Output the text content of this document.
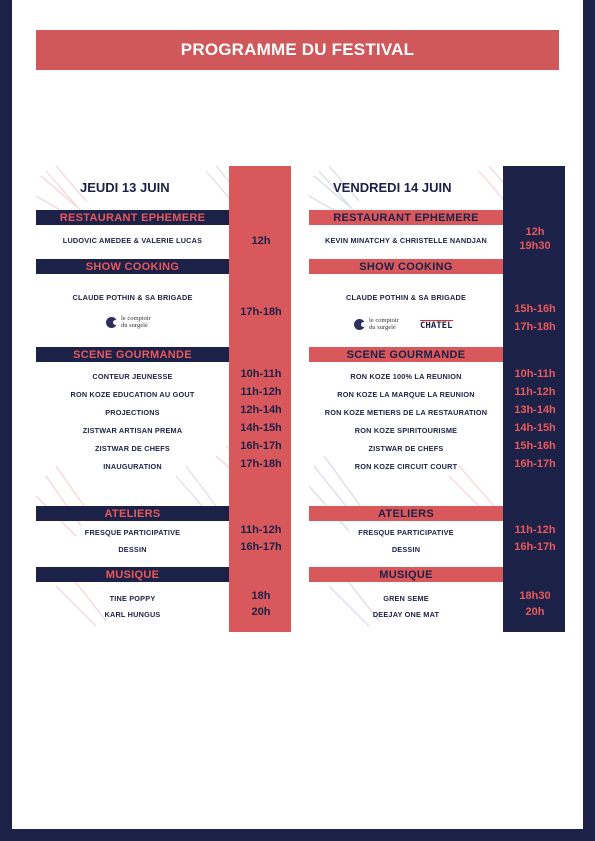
PROGRAMME DU FESTIVAL
JEUDI 13 JUIN
RESTAURANT EPHEMERE
LUDOVIC AMEDEE & VALERIE LUCAS	12h
SHOW COOKING
CLAUDE POTHIN & SA BRIGADE
le comptoir
du surgelé
17h-18h
SCENE GOURMANDE
CONTEUR JEUNESSE
RON KOZE EDUCATION AU GOUT
PROJECTIONS
ZISTWAR ARTISAN PREMA
ZISTWAR DE CHEFS
INAUGURATION
10h-11h
11h-12h
12h-14h
14h-15h
16h-17h
17h-18h
ATELIERS
FRESQUE PARTICIPATIVE
DESSIN
11h-12h
16h-17h
MUSIQUE
TINE POPPY
KARL HUNGUS
18h
20h
VENDREDI 14 JUIN
RESTAURANT EPHEMERE
KEVIN MINATCHY & CHRISTELLE NANDJAN
12h
19h30
SHOW COOKING
CLAUDE POTHIN & SA BRIGADE
le comptoir
du surgelé	CHATEL
15h-16h
17h-18h
SCENE GOURMANDE
RON KOZE 100% LA REUNION
RON KOZE LA MARQUE LA REUNION
RON KOZE METIERS DE LA RESTAURATION
RON KOZE SPIRITOURISME
ZISTWAR DE CHEFS
RON KOZE CIRCUIT COURT
10h-11h
11h-12h
13h-14h
14h-15h
15h-16h
16h-17h
ATELIERS
FRESQUE PARTICIPATIVE
DESSIN
11h-12h
16h-17h
MUSIQUE
GREN SEME
DEEJAY ONE MAT
18h30
20h
